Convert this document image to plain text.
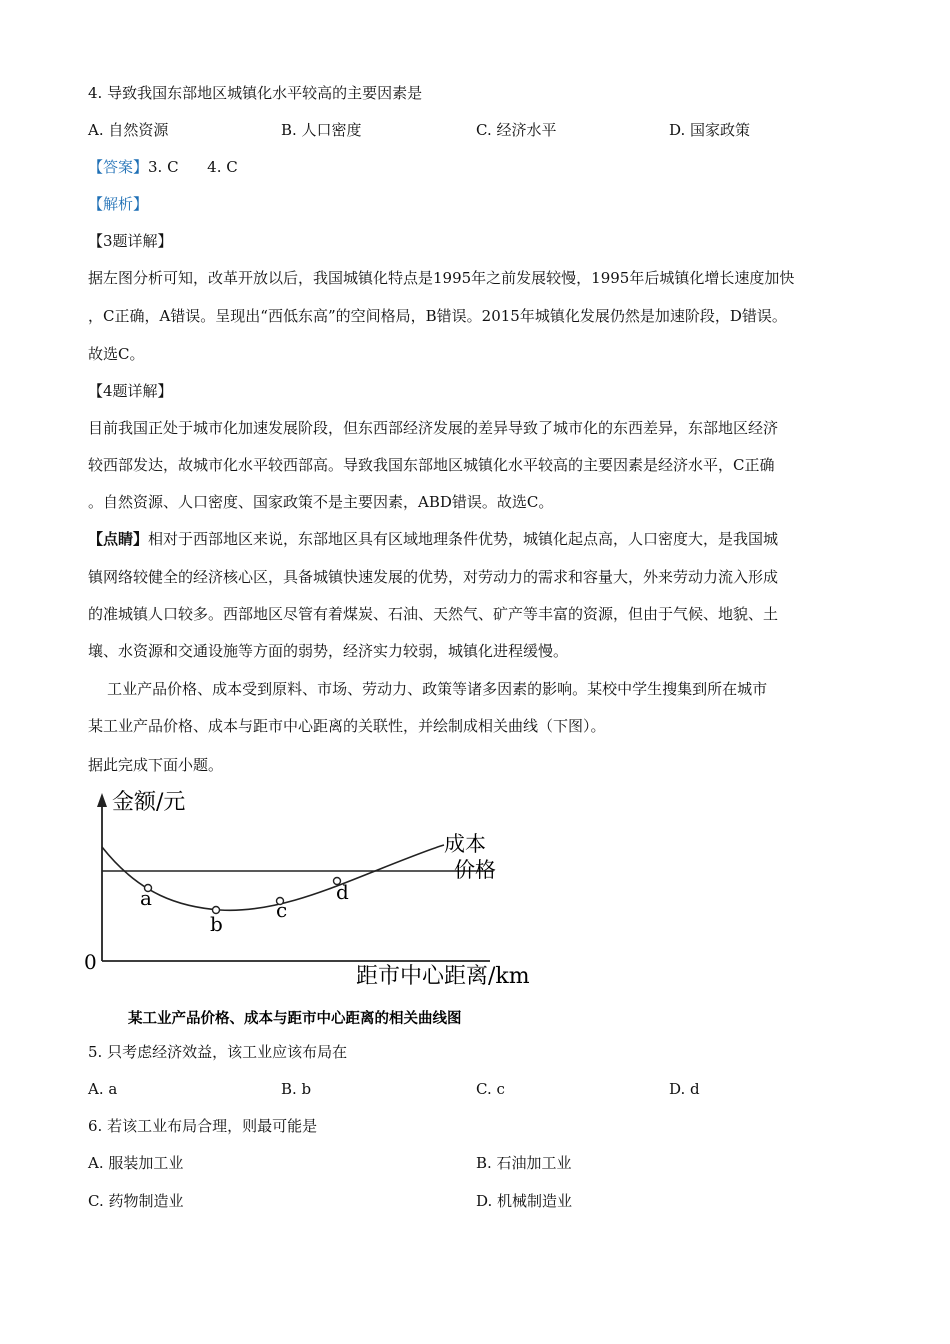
4. 导致我国东部地区城镇化水平较高的主要因素是
A. 自然资源	B. 人口密度	C. 经济水平	D. 国家政策
【答案】3. C      4. C
【解析】
【3题详解】
据左图分析可知，改革开放以后，我国城镇化特点是1995年之前发展较慢，1995年后城镇化增长速度加快
，C正确，A错误。呈现出“西低东高”的空间格局，B错误。2015年城镇化发展仍然是加速阶段，D错误。
故选C。
【4题详解】
目前我国正处于城市化加速发展阶段，但东西部经济发展的差异导致了城市化的东西差异，东部地区经济
较西部发达，故城市化水平较西部高。导致我国东部地区城镇化水平较高的主要因素是经济水平，C正确
。自然资源、人口密度、国家政策不是主要因素，ABD错误。故选C。
【点睛】相对于西部地区来说，东部地区具有区域地理条件优势，城镇化起点高，人口密度大，是我国城
镇网络较健全的经济核心区，具备城镇快速发展的优势，对劳动力的需求和容量大，外来劳动力流入形成
的准城镇人口较多。西部地区尽管有着煤炭、石油、天然气、矿产等丰富的资源，但由于气候、地貌、土
壤、水资源和交通设施等方面的弱势，经济实力较弱，城镇化进程缓慢。
工业产品价格、成本受到原料、市场、劳动力、政策等诸多因素的影响。某校中学生搜集到所在城市
某工业产品价格、成本与距市中心距离的关联性，并绘制成相关曲线（下图）。
据此完成下面小题。
金额/元
0
距市中心距离/km
a
b
c
d
成本
价格
某工业产品价格、成本与距市中心距离的相关曲线图
5. 只考虑经济效益，该工业应该布局在
A. a	B. b	C. c	D. d
6. 若该工业布局合理，则最可能是
A. 服装加工业	B. 石油加工业
C. 药物制造业	D. 机械制造业
